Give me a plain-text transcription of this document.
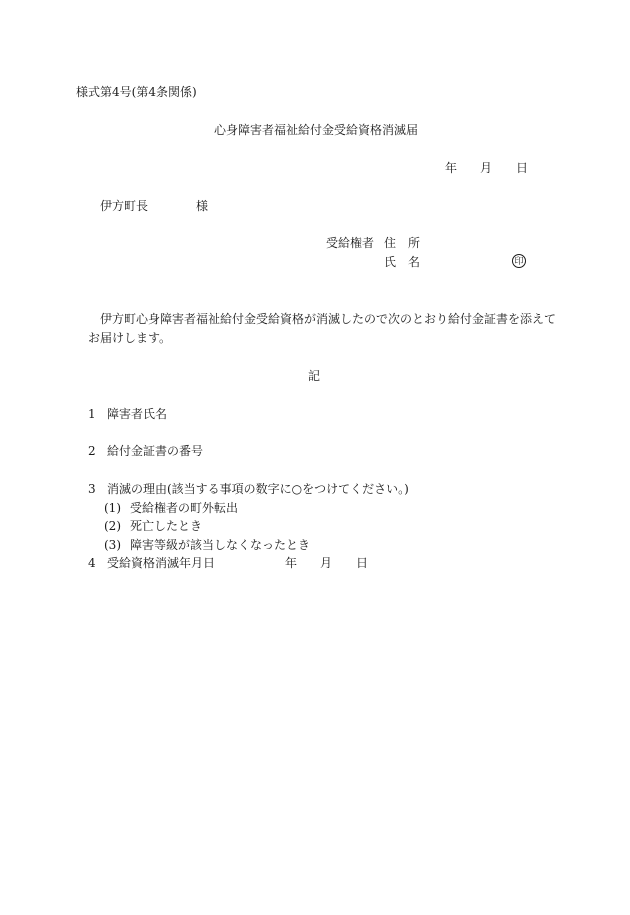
様式第4号(第4条関係)
心身障害者福祉給付金受給資格消滅届
年 月 日
伊方町長	様
受給権者 住　所
氏　名	印
伊方町心身障害者福祉給付金受給資格が消滅したので次のとおり給付金証書を添えて
お届けします。
記
1 障害者氏名
2 給付金証書の番号
3 消滅の理由(該当する事項の数字に○をつけてください。)
(1) 受給権者の町外転出
(2) 死亡したとき
(3) 障害等級が該当しなくなったとき
4 受給資格消滅年月日	年 月 日
